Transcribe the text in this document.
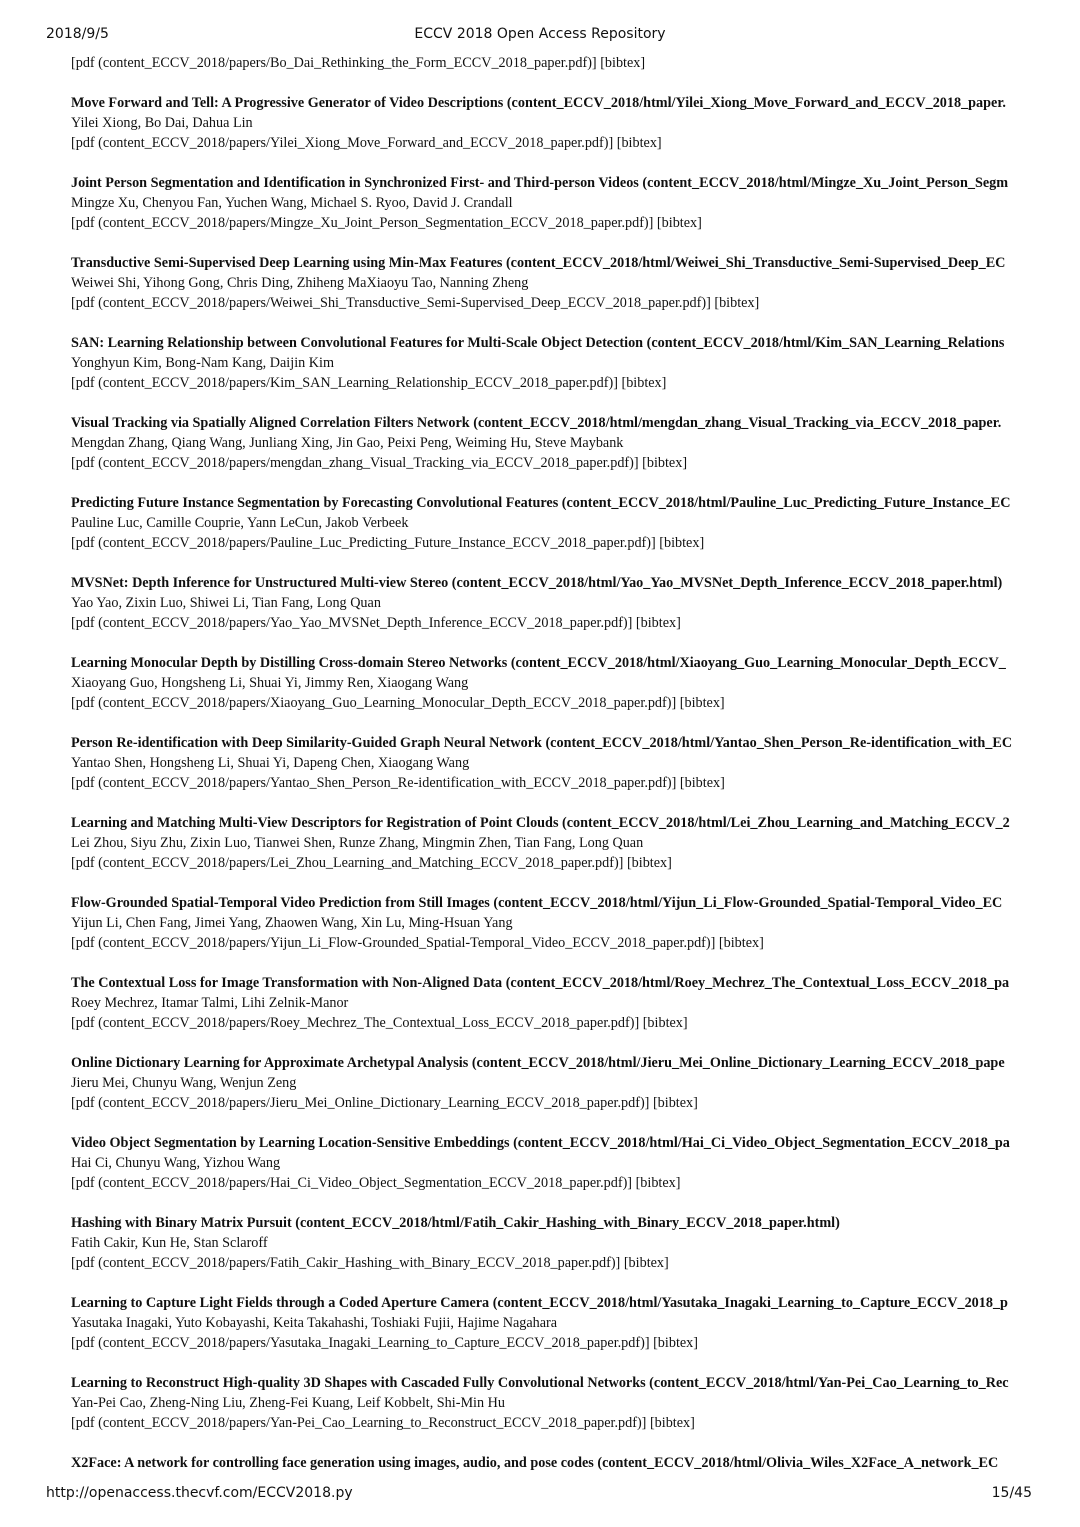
2018/9/5	ECCV 2018 Open Access Repository
[pdf (content_ECCV_2018/papers/Bo_Dai_Rethinking_the_Form_ECCV_2018_paper.pdf)] [bibtex]
Move Forward and Tell: A Progressive Generator of Video Descriptions (content_ECCV_2018/html/Yilei_Xiong_Move_Forward_and_ECCV_2018_paper.
Yilei Xiong, Bo Dai, Dahua Lin
[pdf (content_ECCV_2018/papers/Yilei_Xiong_Move_Forward_and_ECCV_2018_paper.pdf)] [bibtex]
Joint Person Segmentation and Identification in Synchronized First- and Third-person Videos (content_ECCV_2018/html/Mingze_Xu_Joint_Person_Segm
Mingze Xu, Chenyou Fan, Yuchen Wang, Michael S. Ryoo, David J. Crandall
[pdf (content_ECCV_2018/papers/Mingze_Xu_Joint_Person_Segmentation_ECCV_2018_paper.pdf)] [bibtex]
Transductive Semi-Supervised Deep Learning using Min-Max Features (content_ECCV_2018/html/Weiwei_Shi_Transductive_Semi-Supervised_Deep_EC
Weiwei Shi, Yihong Gong, Chris Ding, Zhiheng MaXiaoyu Tao, Nanning Zheng
[pdf (content_ECCV_2018/papers/Weiwei_Shi_Transductive_Semi-Supervised_Deep_ECCV_2018_paper.pdf)] [bibtex]
SAN: Learning Relationship between Convolutional Features for Multi-Scale Object Detection (content_ECCV_2018/html/Kim_SAN_Learning_Relations
Yonghyun Kim, Bong-Nam Kang, Daijin Kim
[pdf (content_ECCV_2018/papers/Kim_SAN_Learning_Relationship_ECCV_2018_paper.pdf)] [bibtex]
Visual Tracking via Spatially Aligned Correlation Filters Network (content_ECCV_2018/html/mengdan_zhang_Visual_Tracking_via_ECCV_2018_paper.
Mengdan Zhang, Qiang Wang, Junliang Xing, Jin Gao, Peixi Peng, Weiming Hu, Steve Maybank
[pdf (content_ECCV_2018/papers/mengdan_zhang_Visual_Tracking_via_ECCV_2018_paper.pdf)] [bibtex]
Predicting Future Instance Segmentation by Forecasting Convolutional Features (content_ECCV_2018/html/Pauline_Luc_Predicting_Future_Instance_EC
Pauline Luc, Camille Couprie, Yann LeCun, Jakob Verbeek
[pdf (content_ECCV_2018/papers/Pauline_Luc_Predicting_Future_Instance_ECCV_2018_paper.pdf)] [bibtex]
MVSNet: Depth Inference for Unstructured Multi-view Stereo (content_ECCV_2018/html/Yao_Yao_MVSNet_Depth_Inference_ECCV_2018_paper.html)
Yao Yao, Zixin Luo, Shiwei Li, Tian Fang, Long Quan
[pdf (content_ECCV_2018/papers/Yao_Yao_MVSNet_Depth_Inference_ECCV_2018_paper.pdf)] [bibtex]
Learning Monocular Depth by Distilling Cross-domain Stereo Networks (content_ECCV_2018/html/Xiaoyang_Guo_Learning_Monocular_Depth_ECCV_
Xiaoyang Guo, Hongsheng Li, Shuai Yi, Jimmy Ren, Xiaogang Wang
[pdf (content_ECCV_2018/papers/Xiaoyang_Guo_Learning_Monocular_Depth_ECCV_2018_paper.pdf)] [bibtex]
Person Re-identification with Deep Similarity-Guided Graph Neural Network (content_ECCV_2018/html/Yantao_Shen_Person_Re-identification_with_EC
Yantao Shen, Hongsheng Li, Shuai Yi, Dapeng Chen, Xiaogang Wang
[pdf (content_ECCV_2018/papers/Yantao_Shen_Person_Re-identification_with_ECCV_2018_paper.pdf)] [bibtex]
Learning and Matching Multi-View Descriptors for Registration of Point Clouds (content_ECCV_2018/html/Lei_Zhou_Learning_and_Matching_ECCV_2
Lei Zhou, Siyu Zhu, Zixin Luo, Tianwei Shen, Runze Zhang, Mingmin Zhen, Tian Fang, Long Quan
[pdf (content_ECCV_2018/papers/Lei_Zhou_Learning_and_Matching_ECCV_2018_paper.pdf)] [bibtex]
Flow-Grounded Spatial-Temporal Video Prediction from Still Images (content_ECCV_2018/html/Yijun_Li_Flow-Grounded_Spatial-Temporal_Video_EC
Yijun Li, Chen Fang, Jimei Yang, Zhaowen Wang, Xin Lu, Ming-Hsuan Yang
[pdf (content_ECCV_2018/papers/Yijun_Li_Flow-Grounded_Spatial-Temporal_Video_ECCV_2018_paper.pdf)] [bibtex]
The Contextual Loss for Image Transformation with Non-Aligned Data (content_ECCV_2018/html/Roey_Mechrez_The_Contextual_Loss_ECCV_2018_pa
Roey Mechrez, Itamar Talmi, Lihi Zelnik-Manor
[pdf (content_ECCV_2018/papers/Roey_Mechrez_The_Contextual_Loss_ECCV_2018_paper.pdf)] [bibtex]
Online Dictionary Learning for Approximate Archetypal Analysis (content_ECCV_2018/html/Jieru_Mei_Online_Dictionary_Learning_ECCV_2018_pape
Jieru Mei, Chunyu Wang, Wenjun Zeng
[pdf (content_ECCV_2018/papers/Jieru_Mei_Online_Dictionary_Learning_ECCV_2018_paper.pdf)] [bibtex]
Video Object Segmentation by Learning Location-Sensitive Embeddings (content_ECCV_2018/html/Hai_Ci_Video_Object_Segmentation_ECCV_2018_pa
Hai Ci, Chunyu Wang, Yizhou Wang
[pdf (content_ECCV_2018/papers/Hai_Ci_Video_Object_Segmentation_ECCV_2018_paper.pdf)] [bibtex]
Hashing with Binary Matrix Pursuit (content_ECCV_2018/html/Fatih_Cakir_Hashing_with_Binary_ECCV_2018_paper.html)
Fatih Cakir, Kun He, Stan Sclaroff
[pdf (content_ECCV_2018/papers/Fatih_Cakir_Hashing_with_Binary_ECCV_2018_paper.pdf)] [bibtex]
Learning to Capture Light Fields through a Coded Aperture Camera (content_ECCV_2018/html/Yasutaka_Inagaki_Learning_to_Capture_ECCV_2018_p
Yasutaka Inagaki, Yuto Kobayashi, Keita Takahashi, Toshiaki Fujii, Hajime Nagahara
[pdf (content_ECCV_2018/papers/Yasutaka_Inagaki_Learning_to_Capture_ECCV_2018_paper.pdf)] [bibtex]
Learning to Reconstruct High-quality 3D Shapes with Cascaded Fully Convolutional Networks (content_ECCV_2018/html/Yan-Pei_Cao_Learning_to_Rec
Yan-Pei Cao, Zheng-Ning Liu, Zheng-Fei Kuang, Leif Kobbelt, Shi-Min Hu
[pdf (content_ECCV_2018/papers/Yan-Pei_Cao_Learning_to_Reconstruct_ECCV_2018_paper.pdf)] [bibtex]
X2Face: A network for controlling face generation using images, audio, and pose codes (content_ECCV_2018/html/Olivia_Wiles_X2Face_A_network_EC
http://openaccess.thecvf.com/ECCV2018.py	15/45
